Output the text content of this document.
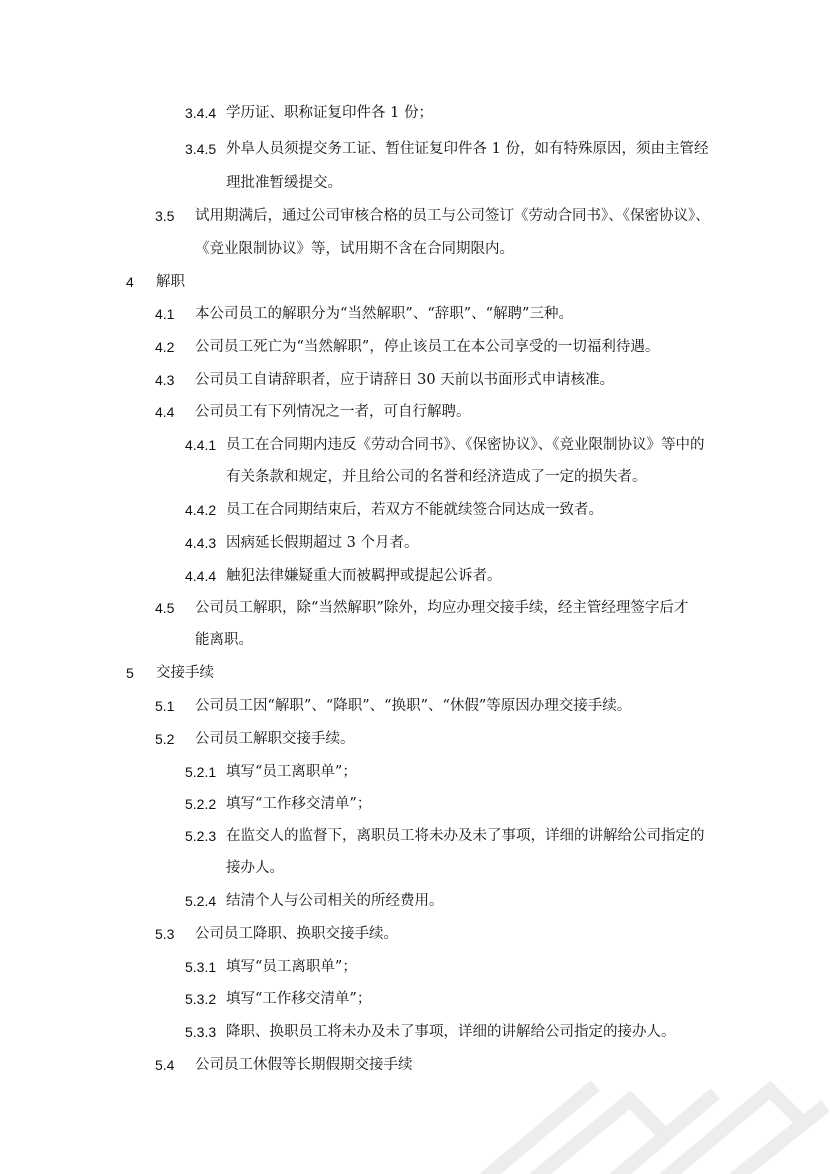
3.4.4 学历证、职称证复印件各 1 份；
3.4.5 外阜人员须提交务工证、暂住证复印件各 1 份，如有特殊原因，须由主管经
理批准暂缓提交。
3.5 试用期满后，通过公司审核合格的员工与公司签订《劳动合同书》、《保密协议》、
《竞业限制协议》等，试用期不含在合同期限内。
4 解职
4.1 本公司员工的解职分为“当然解职”、“辞职”、“解聘”三种。
4.2 公司员工死亡为“当然解职”，停止该员工在本公司享受的一切福利待遇。
4.3 公司员工自请辞职者，应于请辞日 30 天前以书面形式申请核准。
4.4 公司员工有下列情况之一者，可自行解聘。
4.4.1 员工在合同期内违反《劳动合同书》、《保密协议》、《竞业限制协议》等中的
有关条款和规定，并且给公司的名誉和经济造成了一定的损失者。
4.4.2 员工在合同期结束后，若双方不能就续签合同达成一致者。
4.4.3 因病延长假期超过 3 个月者。
4.4.4 触犯法律嫌疑重大而被羁押或提起公诉者。
4.5 公司员工解职，除“当然解职”除外，均应办理交接手续，经主管经理签字后才
能离职。
5 交接手续
5.1 公司员工因“解职”、“降职”、“换职”、“休假”等原因办理交接手续。
5.2 公司员工解职交接手续。
5.2.1 填写“员工离职单”；
5.2.2 填写“工作移交清单”；
5.2.3 在监交人的监督下，离职员工将未办及未了事项，详细的讲解给公司指定的
接办人。
5.2.4 结清个人与公司相关的所经费用。
5.3 公司员工降职、换职交接手续。
5.3.1 填写“员工离职单”；
5.3.2 填写“工作移交清单”；
5.3.3 降职、换职员工将未办及未了事项，详细的讲解给公司指定的接办人。
5.4 公司员工休假等长期假期交接手续
